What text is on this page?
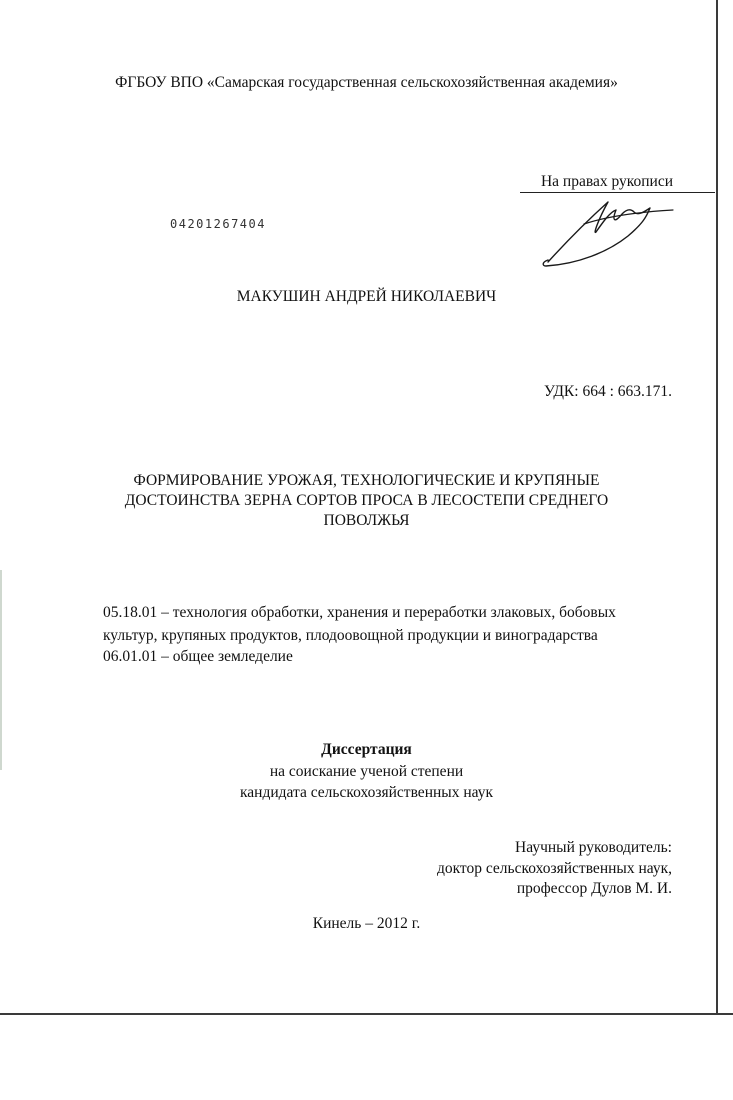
ФГБОУ ВПО «Самарская государственная сельскохозяйственная академия»
На правах рукописи
04201267404
МАКУШИН АНДРЕЙ НИКОЛАЕВИЧ
УДК: 664 : 663.171.
ФОРМИРОВАНИЕ УРОЖАЯ, ТЕХНОЛОГИЧЕСКИЕ И КРУПЯНЫЕ
ДОСТОИНСТВА ЗЕРНА СОРТОВ ПРОСА В ЛЕСОСТЕПИ СРЕДНЕГО
ПОВОЛЖЬЯ
05.18.01 – технология обработки, хранения и переработки злаковых, бобовых
культур, крупяных продуктов, плодоовощной продукции и виноградарства
06.01.01 – общее земледелие
Диссертация
на соискание ученой степени
кандидата сельскохозяйственных наук
Научный руководитель:
доктор сельскохозяйственных наук,
профессор Дулов М. И.
Кинель – 2012 г.
